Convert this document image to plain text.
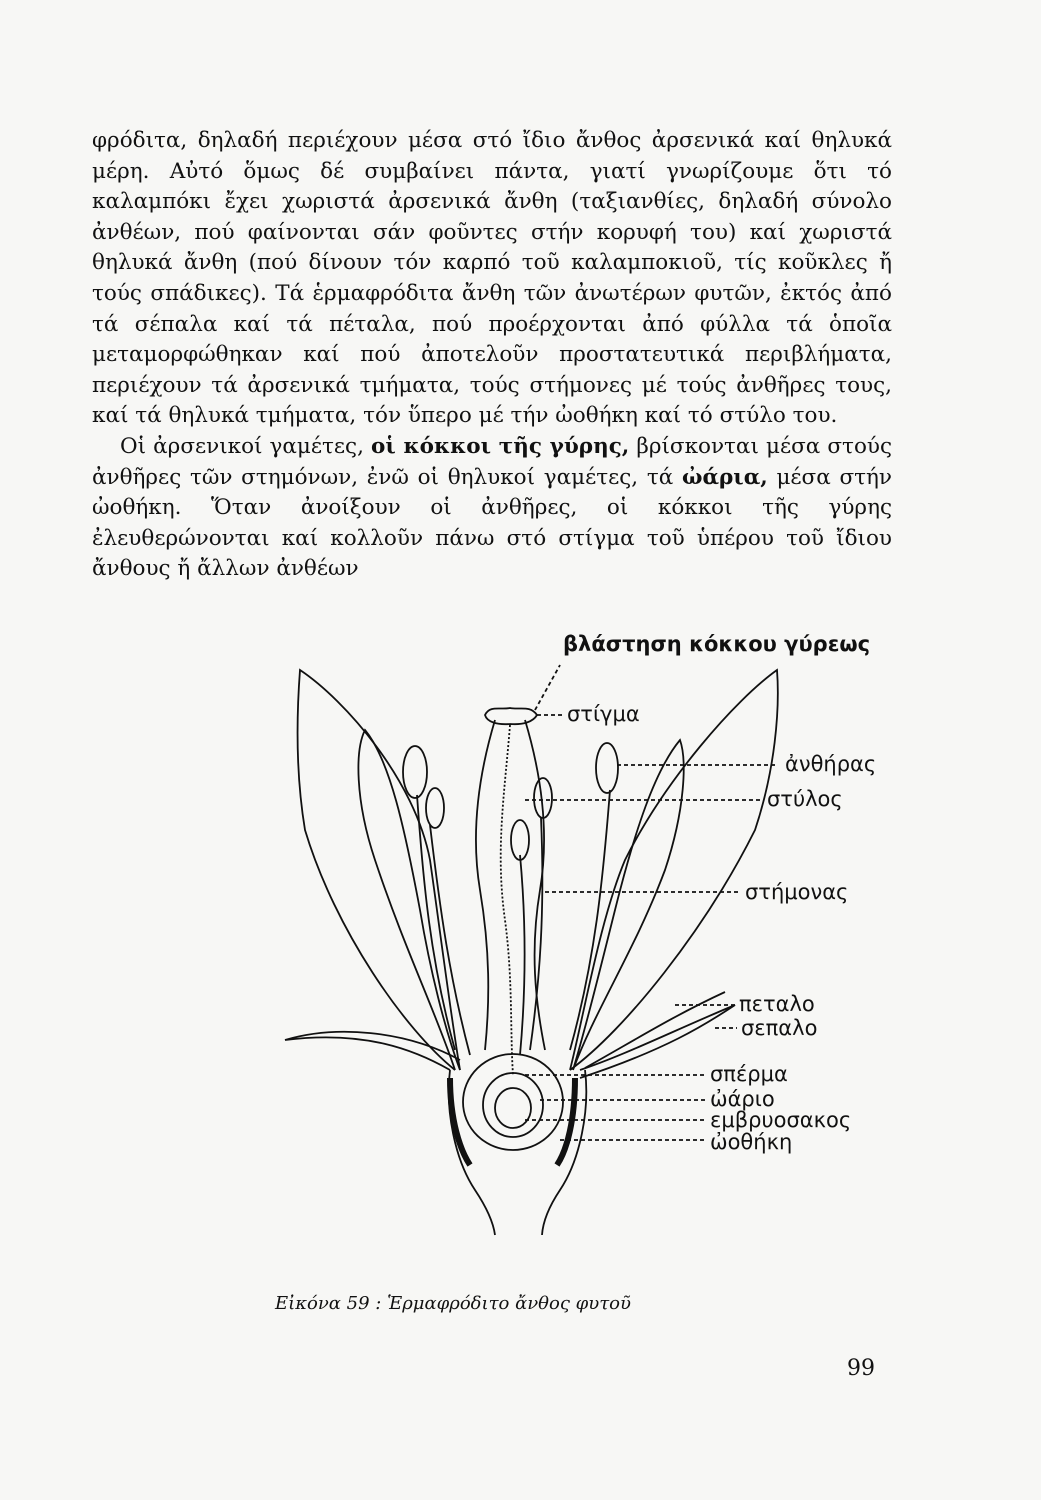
φρόδιτα, δηλαδή περιέχουν μέσα στό ἴδιο ἄνθος ἀρσενικά καί θηλυκά μέρη. Αὐτό ὅμως δέ συμβαίνει πάντα, γιατί γνωρίζουμε ὅτι τό καλαμπόκι ἔχει χωριστά ἀρσενικά ἄνθη (ταξιανθίες, δηλαδή σύνολο ἀνθέων, πού φαίνονται σάν φοῦντες στήν κορυφή του) καί χωριστά θηλυκά ἄνθη (πού δίνουν τόν καρπό τοῦ καλαμποκιοῦ, τίς κοῦκλες ἤ τούς σπάδικες). Τά ἑρμαφρόδιτα ἄνθη τῶν ἀνωτέρων φυτῶν, ἐκτός ἀπό τά σέπαλα καί τά πέταλα, πού προέρχονται ἀπό φύλλα τά ὁποῖα μεταμορφώθηκαν καί πού ἀποτελοῦν προστατευτικά περιβλήματα, περιέχουν τά ἀρσενικά τμήματα, τούς στήμονες μέ τούς ἀνθῆρες τους, καί τά θηλυκά τμήματα, τόν ὕπερο μέ τήν ὠοθήκη καί τό στύλο του.

Οἱ ἀρσενικοί γαμέτες, οἱ κόκκοι τῆς γύρης, βρίσκονται μέσα στούς ἀνθῆρες τῶν στημόνων, ἐνῶ οἱ θηλυκοί γαμέτες, τά ὠάρια, μέσα στήν ὠοθήκη. Ὅταν ἀνοίξουν οἱ ἀνθῆρες, οἱ κόκκοι τῆς γύρης ἐλευθερώνονται καί κολλοῦν πάνω στό στίγμα τοῦ ὑπέρου τοῦ ἴδιου ἄνθους ἤ ἄλλων ἀνθέων

βλάστηση κόκκου γύρεως
στίγμα
ἀνθήρας
στύλος
στήμονας
πεταλο
σεπαλο
σπέρμα
ὠάριο
εμβρυοσακος
ὠοθήκη
Εἰκόνα 59 : Ἑρμαφρόδιτο ἄνθος φυτοῦ
99
